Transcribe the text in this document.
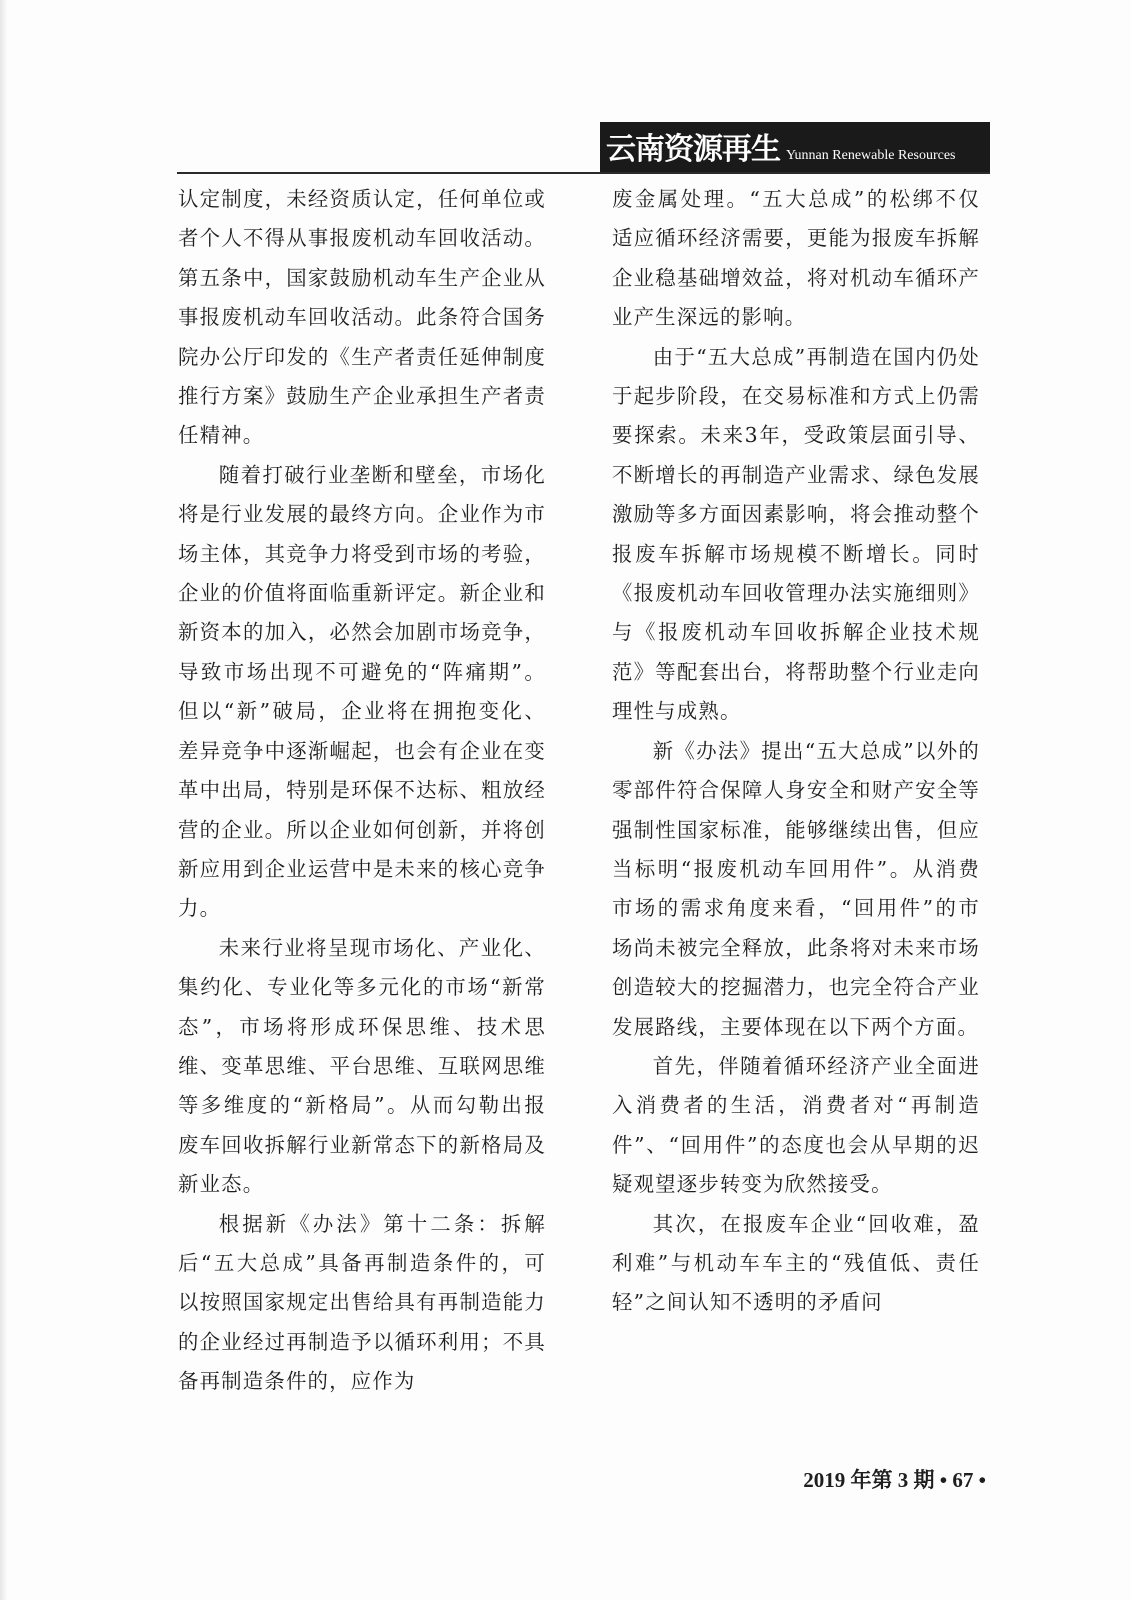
云南资源再生 Yunnan Renewable Resources

认定制度，未经资质认定，任何单位或者个人不得从事报废机动车回收活动。第五条中，国家鼓励机动车生产企业从事报废机动车回收活动。此条符合国务院办公厅印发的《生产者责任延伸制度推行方案》鼓励生产企业承担生产者责任精神。

随着打破行业垄断和壁垒，市场化将是行业发展的最终方向。企业作为市场主体，其竞争力将受到市场的考验，企业的价值将面临重新评定。新企业和新资本的加入，必然会加剧市场竞争，导致市场出现不可避免的“阵痛期”。但以“新”破局，企业将在拥抱变化、差异竞争中逐渐崛起，也会有企业在变革中出局，特别是环保不达标、粗放经营的企业。所以企业如何创新，并将创新应用到企业运营中是未来的核心竞争力。

未来行业将呈现市场化、产业化、集约化、专业化等多元化的市场“新常态”，市场将形成环保思维、技术思维、变革思维、平台思维、互联网思维等多维度的“新格局”。从而勾勒出报废车回收拆解行业新常态下的新格局及新业态。

根据新《办法》第十二条：拆解后“五大总成”具备再制造条件的，可以按照国家规定出售给具有再制造能力的企业经过再制造予以循环利用；不具备再制造条件的，应作为

废金属处理。“五大总成”的松绑不仅适应循环经济需要，更能为报废车拆解企业稳基础增效益，将对机动车循环产业产生深远的影响。

由于“五大总成”再制造在国内仍处于起步阶段，在交易标准和方式上仍需要探索。未来3年，受政策层面引导、不断增长的再制造产业需求、绿色发展激励等多方面因素影响，将会推动整个报废车拆解市场规模不断增长。同时《报废机动车回收管理办法实施细则》与《报废机动车回收拆解企业技术规范》等配套出台，将帮助整个行业走向理性与成熟。

新《办法》提出“五大总成”以外的零部件符合保障人身安全和财产安全等强制性国家标准，能够继续出售，但应当标明“报废机动车回用件”。从消费市场的需求角度来看，“回用件”的市场尚未被完全释放，此条将对未来市场创造较大的挖掘潜力，也完全符合产业发展路线，主要体现在以下两个方面。

首先，伴随着循环经济产业全面进入消费者的生活，消费者对“再制造件”、“回用件”的态度也会从早期的迟疑观望逐步转变为欣然接受。

其次，在报废车企业“回收难，盈利难”与机动车车主的“残值低、责任轻”之间认知不透明的矛盾问

2019 年第 3 期 • 67 •
